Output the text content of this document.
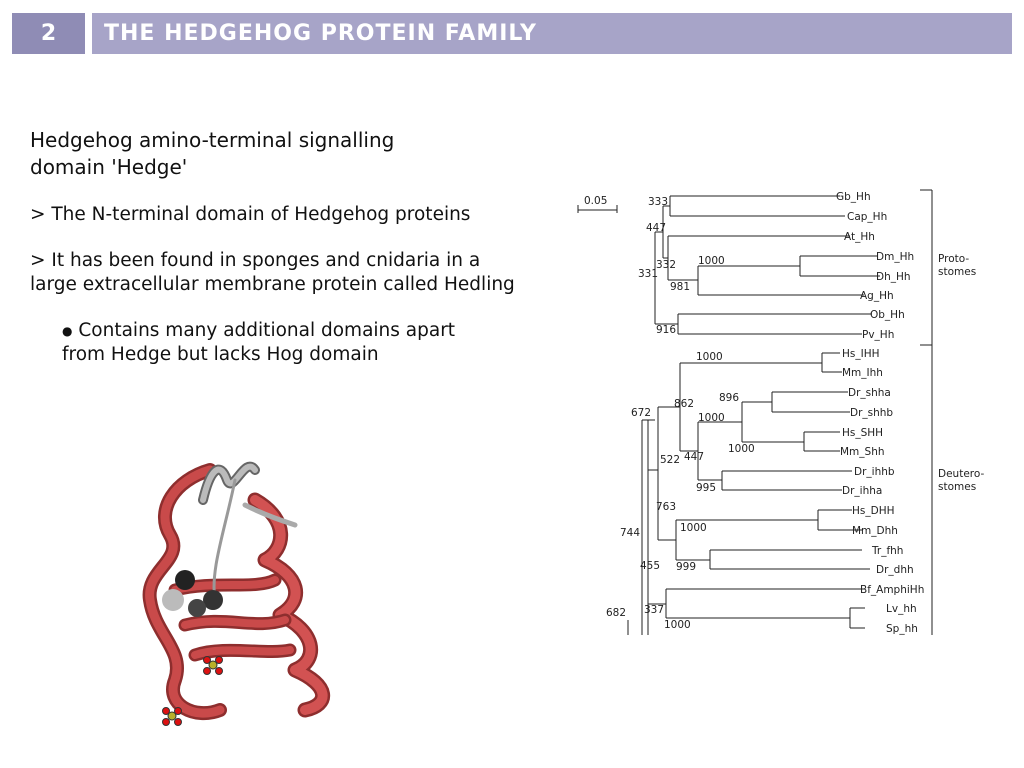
2	THE HEDGEHOG PROTEIN FAMILY

Hedgehog amino-terminal signalling domain 'Hedge'

> The N-terminal domain of Hedgehog proteins

> It has been found in sponges and cnidaria in a large extracellular membrane protein called Hedling

● Contains many additional domains apart from Hedge but lacks Hog domain

0.05	Gb_Hh
Cap_Hh
At_Hh
Dm_Hh
Dh_Hh
Ag_Hh
Ob_Hh
Pv_Hh
Hs_IHH
Mm_Ihh
Dr_shha
Dr_shhb
Hs_SHH
Mm_Shh
Dr_ihhb
Dr_ihha
Hs_DHH
Mm_Dhh
Tr_fhh
Dr_dhh
Bf_AmphiHh
Lv_hh
Sp_hh
333
447
332 1000
331
981
916
1000
672
896
862
1000
1000
522 447
995
763
1000
744
455 999
682 337
1000
Proto-stomes
Deutero-stomes
